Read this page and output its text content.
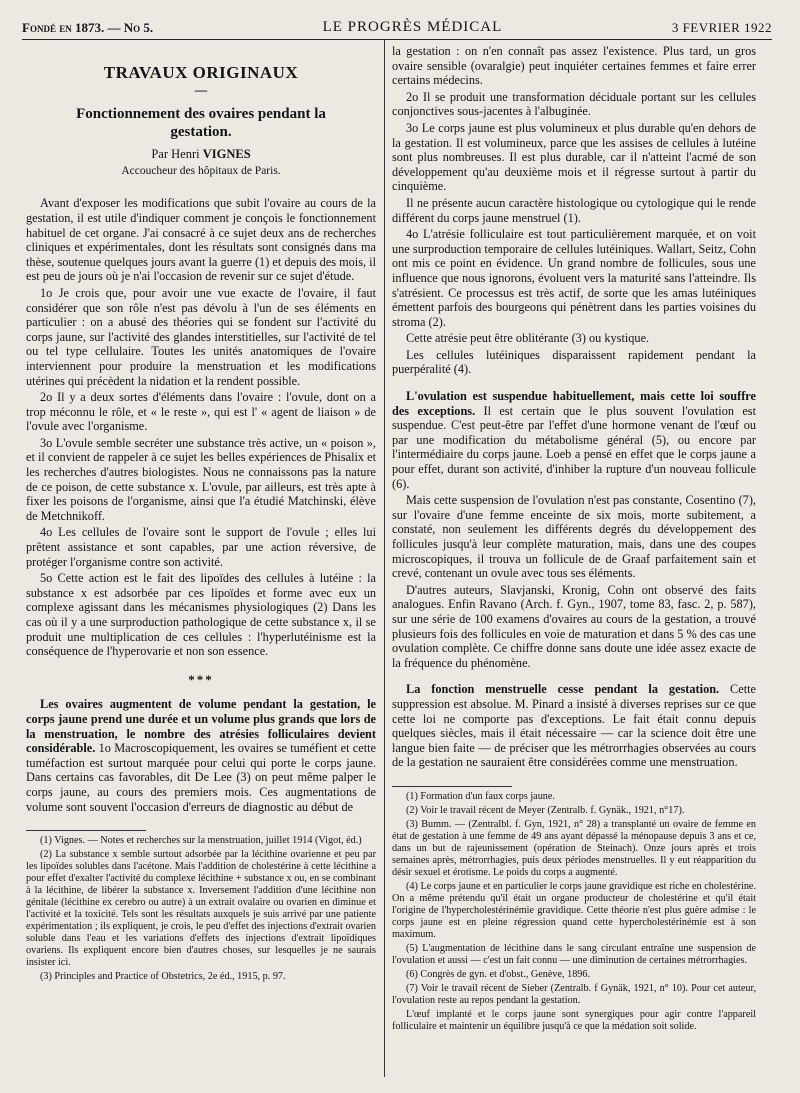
Fondé en 1873. — No 5.	LE PROGRÈS MÉDICAL	3 FEVRIER 1922
TRAVAUX ORIGINAUX
—
Fonctionnement des ovaires pendant la gestation.
Par Henri VIGNES
Accoucheur des hôpitaux de Paris.

Avant d'exposer les modifications que subit l'ovaire au cours de la gestation, il est utile d'indiquer comment je conçois le fonctionnement habituel de cet organe. J'ai consacré à ce sujet deux ans de recherches cliniques et expérimentales, dont les résultats sont consignés dans ma thèse, soutenue quelques jours avant la guerre (1) et depuis des mois, il est peu de jours où je n'ai l'occasion de revenir sur ce sujet d'étude.

1o Je crois que, pour avoir une vue exacte de l'ovaire, il faut considérer que son rôle n'est pas dévolu à l'un de ses éléments en particulier : on a abusé des théories qui se fondent sur l'activité du corps jaune, sur l'activité des glandes interstitielles, sur l'activité de tel ou tel type cellulaire. Toutes les unités anatomiques de l'ovaire interviennent pour produire la menstruation et les modifications utérines qui précèdent la nidation et la rendent possible.

2o Il y a deux sortes d'éléments dans l'ovaire : l'ovule, dont on a trop méconnu le rôle, et « le reste », qui est l' « agent de liaison » de l'ovule avec l'organisme.

3o L'ovule semble secréter une substance très active, un « poison », et il convient de rappeler à ce sujet les belles expériences de Phisalix et les recherches d'autres biologistes. Nous ne connaissons pas la nature de ce poison, de cette substance x. L'ovule, par ailleurs, est très apte à fixer les poisons de l'organisme, ainsi que l'a étudié Matchinski, élève de Metchnikoff.

4o Les cellules de l'ovaire sont le support de l'ovule ; elles lui prêtent assistance et sont capables, par une action réversive, de protéger l'organisme contre son activité.

5o Cette action est le fait des lipoïdes des cellules à lutéine : la substance x est adsorbée par ces lipoïdes et forme avec eux un complexe agissant dans les mécanismes physiologiques (2) Dans les cas où il y a une surproduction pathologique de cette substance x, il se produit une multiplication de ces cellules : l'hyperlutéinisme est la conséquence de l'hyperovarie et non son essence.

***

Les ovaires augmentent de volume pendant la gestation, le corps jaune prend une durée et un volume plus grands que lors de la menstruation, le nombre des atrésies folliculaires devient considérable. 1o Macroscopiquement, les ovaires se tuméfient et cette tuméfaction est surtout marquée pour celui qui porte le corps jaune. Dans certains cas favorables, dit De Lee (3) on peut même palper le corps jaune, au cours des premiers mois. Ces augmentations de volume sont souvent l'occasion d'erreurs de diagnostic au début de

(1) Vignes. — Notes et recherches sur la menstruation, juillet 1914 (Vigot, éd.)

(2) La substance x semble surtout adsorbée par la lécithine ovarienne et peu par les lipoïdes solubles dans l'acétone. Mais l'addition de cholestérine à cette lécithine a pour effet d'exalter l'activité du complexe lécithine + substance x ou, en se combinant à la lécithine, de libérer la substance x. Inversement l'addition d'une lécithine non génitale (lécithine ex cerebro ou autre) à un extrait ovalaire ou ovarien en diminue et l'activité et la toxicité. Tels sont les résultats auxquels je suis arrivé par une patiente expérimentation ; ils expliquent, je crois, le peu d'effet des injections d'extrait ovarien soluble dans l'eau et les variations d'effets des injections d'extrait lipoïdiques ovariens. Ils expliquent encore bien d'autres choses, sur lesquelles je ne saurais insister ici.

(3) Principles and Practice of Obstetrics, 2e éd., 1915, p. 97.

la gestation : on n'en connaît pas assez l'existence. Plus tard, un gros ovaire sensible (ovaralgie) peut inquiéter certaines femmes et faire errer certains médecins.

2o Il se produit une transformation déciduale portant sur les cellules conjonctives sous-jacentes à l'albuginée.

3o Le corps jaune est plus volumineux et plus durable qu'en dehors de la gestation. Il est volumineux, parce que les assises de cellules à lutéine sont plus nombreuses. Il est plus durable, car il n'atteint l'acmé de son développement qu'au deuxième mois et il régresse surtout à partir du cinquième.

Il ne présente aucun caractère histologique ou cytologique qui le rende différent du corps jaune menstruel (1).

4o L'atrésie folliculaire est tout particulièrement marquée, et on voit une surproduction temporaire de cellules lutéiniques. Wallart, Seitz, Cohn ont mis ce point en évidence. Un grand nombre de follicules, sous une influence que nous ignorons, évoluent vers la maturité sans l'atteindre. Ils s'atrésient. Ce processus est très actif, de sorte que les amas lutéiniques émettent parfois des bourgeons qui pénètrent dans les parties voisines du stroma (2).

Cette atrésie peut être oblitérante (3) ou kystique.

Les cellules lutéiniques disparaissent rapidement pendant la puerpéralité (4).

L'ovulation est suspendue habituellement, mais cette loi souffre des exceptions. Il est certain que le plus souvent l'ovulation est suspendue. C'est peut-être par l'effet d'une hormone venant de l'œuf ou par une modification du métabolisme général (5), ou encore par l'intermédiaire du corps jaune. Loeb a pensé en effet que le corps jaune a pour effet, durant son activité, d'inhiber la rupture d'un nouveau follicule (6).

Mais cette suspension de l'ovulation n'est pas constante, Cosentino (7), sur l'ovaire d'une femme enceinte de six mois, morte subitement, a constaté, non seulement les différents degrés du développement des follicules jusqu'à leur complète maturation, mais, dans une des coupes microscopiques, il trouva un follicule de de Graaf parfaitement sain et crevé, contenant un ovule avec tous ses éléments.

D'autres auteurs, Slavjanski, Kronig, Cohn ont observé des faits analogues. Enfin Ravano (Arch. f. Gyn., 1907, tome 83, fasc. 2, p. 587), sur une série de 100 examens d'ovaires au cours de la gestation, a trouvé plusieurs fois des follicules en voie de maturation et dans 5 % des cas une ovulation complète. Ce chiffre donne sans doute une idée assez exacte de la fréquence du phénomène.

La fonction menstruelle cesse pendant la gestation. Cette suppression est absolue. M. Pinard a insisté à diverses reprises sur ce que cette loi ne comporte pas d'exceptions. Le fait était connu depuis quelques siècles, mais il était nécessaire — car la science doit être une langue bien faite — de préciser que les métrorrhagies observées au cours de la gestation ne sauraient être considérées comme une menstruation.

(1) Formation d'un faux corps jaune.

(2) Voir le travail récent de Meyer (Zentralb. f. Gynäk., 1921, n°17).

(3) Bumm. — (Zentralbl. f. Gyn, 1921, n° 28) a transplanté un ovaire de femme en état de gestation à une femme de 49 ans ayant dépassé la ménopause depuis 3 ans et ce, dans un but de rajeunissement (opération de Steinach). Onze jours après et trois semaines après, métrorrhagies, puis deux périodes menstruelles. Il y eut réapparition du désir sexuel et érotisme. Le poids du corps a augmenté.

(4) Le corps jaune et en particulier le corps jaune gravidique est riche en cholestérine. On a même prétendu qu'il était un organe producteur de cholestérine et qu'il était l'origine de l'hypercholestérinémie gravidique. Cette théorie n'est plus guère admise : le corps jaune est en pleine régression quand cette hypercholestérinémie est à son maximum.

(5) L'augmentation de lécithine dans le sang circulant entraîne une suspension de l'ovulation et aussi — c'est un fait connu — une diminution de certaines métrorrhagies.

(6) Congrès de gyn. et d'obst., Genève, 1896.

(7) Voir le travail récent de Sieber (Zentralb. f Gynäk, 1921, n° 10). Pour cet auteur, l'ovulation reste au repos pendant la gestation.

L'œuf implanté et le corps jaune sont synergiques pour agir contre l'appareil folliculaire et maintenir un équilibre jusqu'à ce que la médation soit solide.
